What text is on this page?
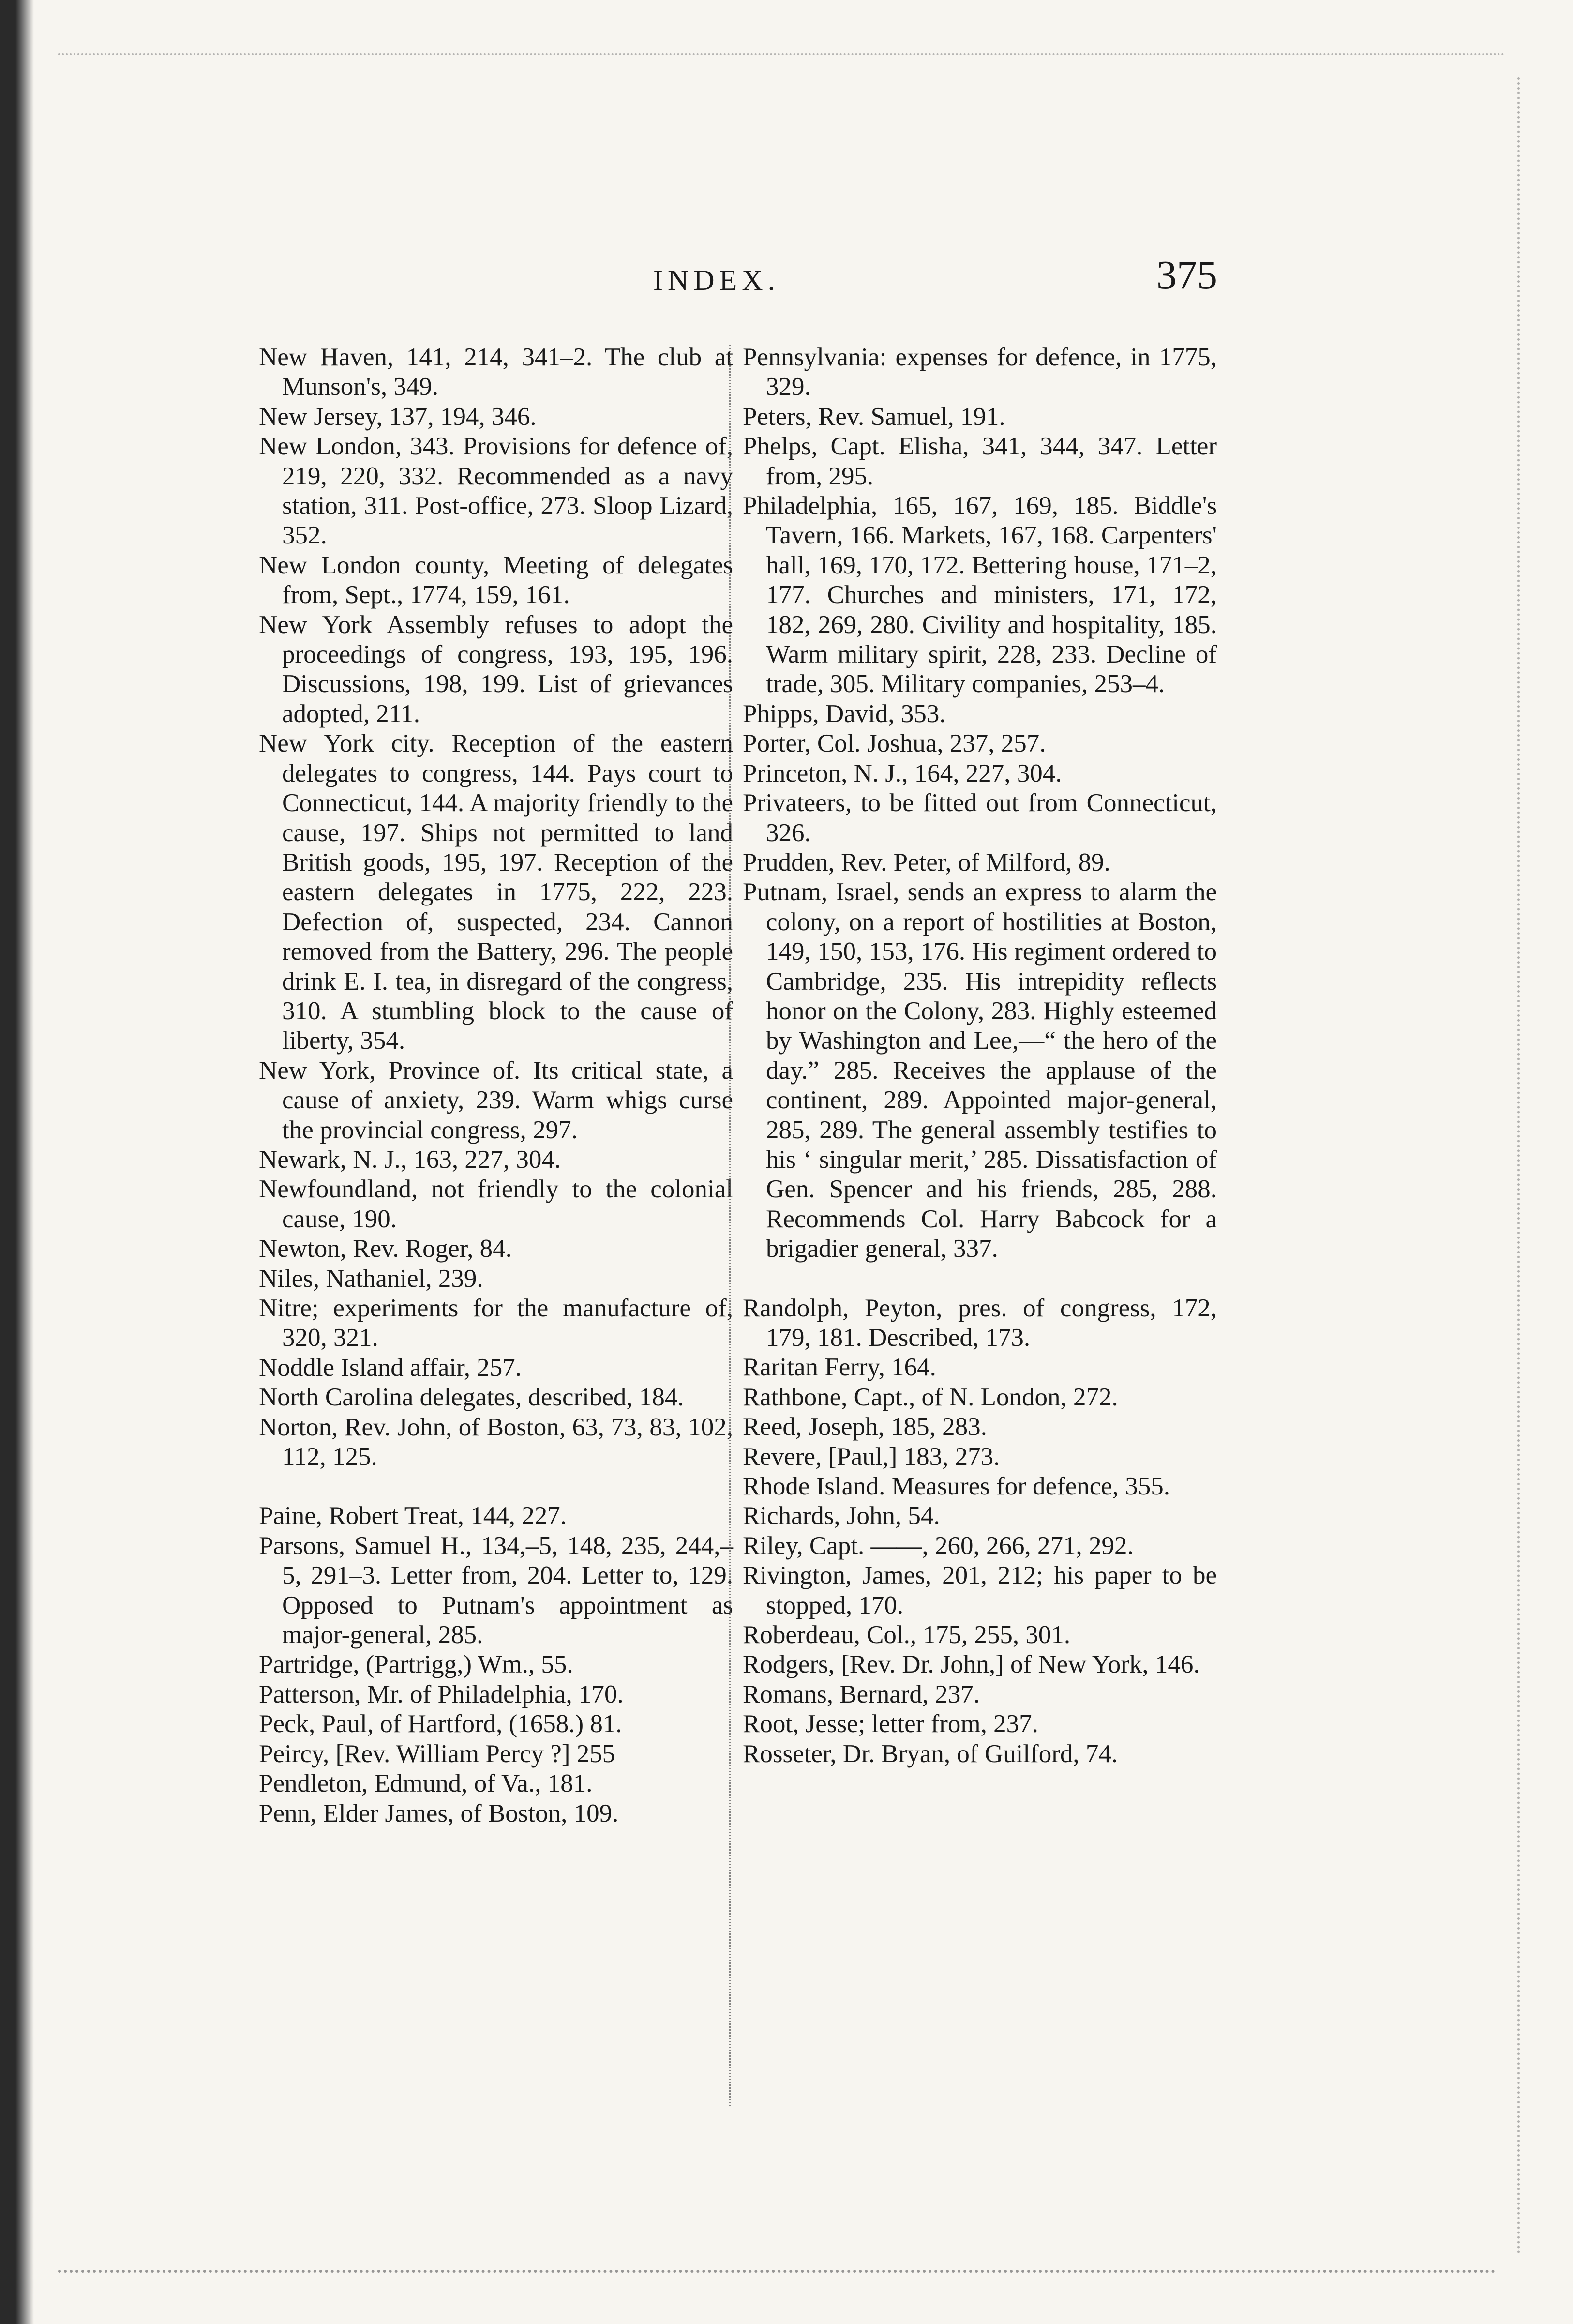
INDEX.	375
New Haven, 141, 214, 341–2. The club at Munson's, 349.
New Jersey, 137, 194, 346.
New London, 343. Provisions for defence of, 219, 220, 332. Recommended as a navy station, 311. Post-office, 273. Sloop Lizard, 352.
New London county, Meeting of delegates from, Sept., 1774, 159, 161.
New York Assembly refuses to adopt the proceedings of congress, 193, 195, 196. Discussions, 198, 199. List of grievances adopted, 211.
New York city. Reception of the eastern delegates to congress, 144. Pays court to Connecticut, 144. A majority friendly to the cause, 197. Ships not permitted to land British goods, 195, 197. Reception of the eastern delegates in 1775, 222, 223. Defection of, suspected, 234. Cannon removed from the Battery, 296. The people drink E. I. tea, in disregard of the congress, 310. A stumbling block to the cause of liberty, 354.
New York, Province of. Its critical state, a cause of anxiety, 239. Warm whigs curse the provincial congress, 297.
Newark, N. J., 163, 227, 304.
Newfoundland, not friendly to the colonial cause, 190.
Newton, Rev. Roger, 84.
Niles, Nathaniel, 239.
Nitre; experiments for the manufacture of, 320, 321.
Noddle Island affair, 257.
North Carolina delegates, described, 184.
Norton, Rev. John, of Boston, 63, 73, 83, 102, 112, 125.
Paine, Robert Treat, 144, 227.
Parsons, Samuel H., 134,–5, 148, 235, 244,–5, 291–3. Letter from, 204. Letter to, 129. Opposed to Putnam's appointment as major-general, 285.
Partridge, (Partrigg,) Wm., 55.
Patterson, Mr. of Philadelphia, 170.
Peck, Paul, of Hartford, (1658.) 81.
Peircy, [Rev. William Percy ?] 255
Pendleton, Edmund, of Va., 181.
Penn, Elder James, of Boston, 109.
Pennsylvania: expenses for defence, in 1775, 329.
Peters, Rev. Samuel, 191.
Phelps, Capt. Elisha, 341, 344, 347. Letter from, 295.
Philadelphia, 165, 167, 169, 185. Biddle's Tavern, 166. Markets, 167, 168. Carpenters' hall, 169, 170, 172. Bettering house, 171–2, 177. Churches and ministers, 171, 172, 182, 269, 280. Civility and hospitality, 185. Warm military spirit, 228, 233. Decline of trade, 305. Military companies, 253–4.
Phipps, David, 353.
Porter, Col. Joshua, 237, 257.
Princeton, N. J., 164, 227, 304.
Privateers, to be fitted out from Connecticut, 326.
Prudden, Rev. Peter, of Milford, 89.
Putnam, Israel, sends an express to alarm the colony, on a report of hostilities at Boston, 149, 150, 153, 176. His regiment ordered to Cambridge, 235. His intrepidity reflects honor on the Colony, 283. Highly esteemed by Washington and Lee,—“ the hero of the day.” 285. Receives the applause of the continent, 289. Appointed major-general, 285, 289. The general assembly testifies to his ‘ singular merit,’ 285. Dissatisfaction of Gen. Spencer and his friends, 285, 288. Recommends Col. Harry Babcock for a brigadier general, 337.
Randolph, Peyton, pres. of congress, 172, 179, 181. Described, 173.
Raritan Ferry, 164.
Rathbone, Capt., of N. London, 272.
Reed, Joseph, 185, 283.
Revere, [Paul,] 183, 273.
Rhode Island. Measures for defence, 355.
Richards, John, 54.
Riley, Capt. ——, 260, 266, 271, 292.
Rivington, James, 201, 212; his paper to be stopped, 170.
Roberdeau, Col., 175, 255, 301.
Rodgers, [Rev. Dr. John,] of New York, 146.
Romans, Bernard, 237.
Root, Jesse; letter from, 237.
Rosseter, Dr. Bryan, of Guilford, 74.
